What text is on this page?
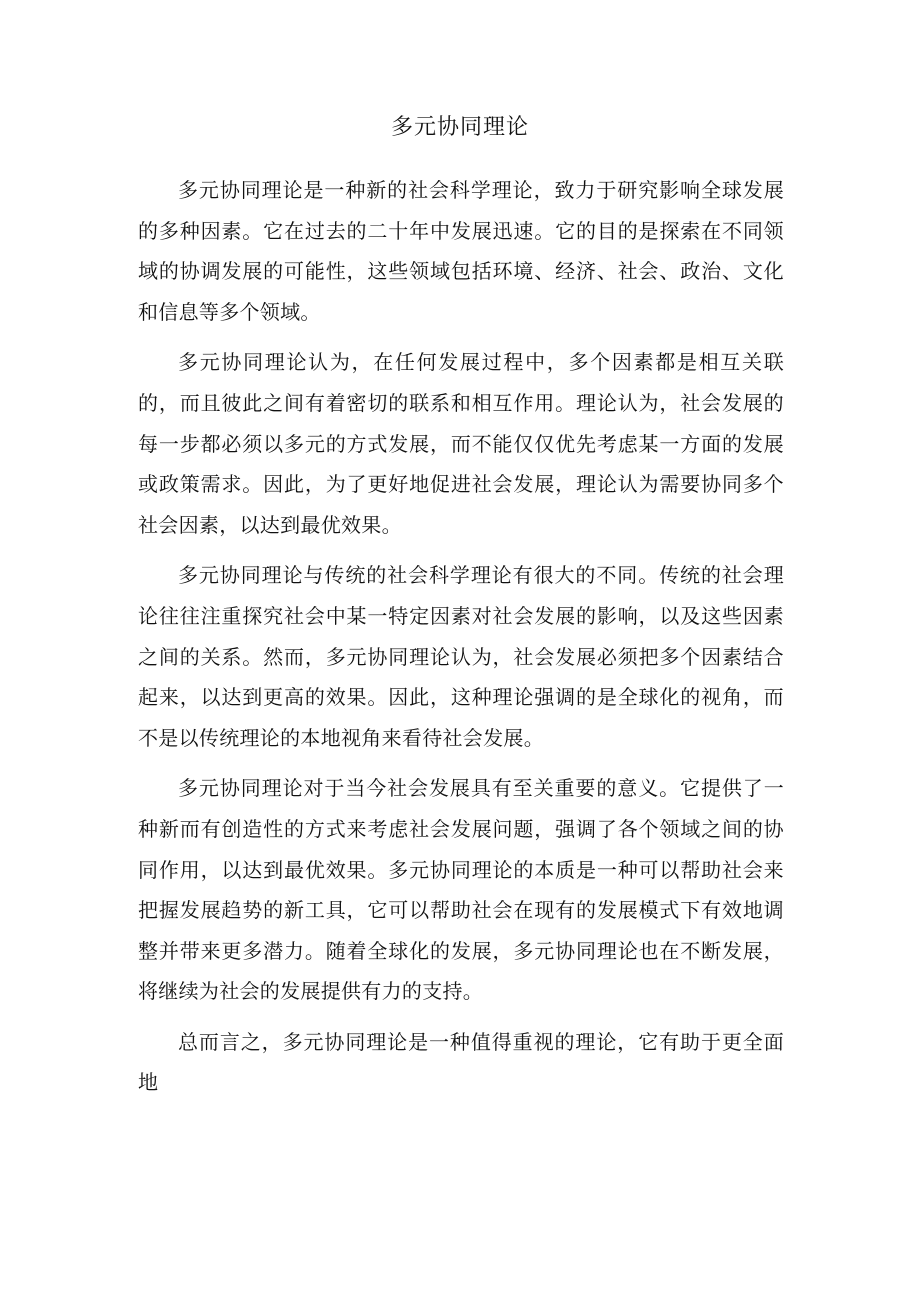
多元协同理论

多元协同理论是一种新的社会科学理论，致力于研究影响全球发展的多种因素。它在过去的二十年中发展迅速。它的目的是探索在不同领域的协调发展的可能性，这些领域包括环境、经济、社会、政治、文化和信息等多个领域。

多元协同理论认为，在任何发展过程中，多个因素都是相互关联的，而且彼此之间有着密切的联系和相互作用。理论认为，社会发展的每一步都必须以多元的方式发展，而不能仅仅优先考虑某一方面的发展或政策需求。因此，为了更好地促进社会发展，理论认为需要协同多个社会因素，以达到最优效果。

多元协同理论与传统的社会科学理论有很大的不同。传统的社会理论往往注重探究社会中某一特定因素对社会发展的影响，以及这些因素之间的关系。然而，多元协同理论认为，社会发展必须把多个因素结合起来，以达到更高的效果。因此，这种理论强调的是全球化的视角，而不是以传统理论的本地视角来看待社会发展。

多元协同理论对于当今社会发展具有至关重要的意义。它提供了一种新而有创造性的方式来考虑社会发展问题，强调了各个领域之间的协同作用，以达到最优效果。多元协同理论的本质是一种可以帮助社会来把握发展趋势的新工具，它可以帮助社会在现有的发展模式下有效地调整并带来更多潜力。随着全球化的发展，多元协同理论也在不断发展，将继续为社会的发展提供有力的支持。

总而言之，多元协同理论是一种值得重视的理论，它有助于更全面地
